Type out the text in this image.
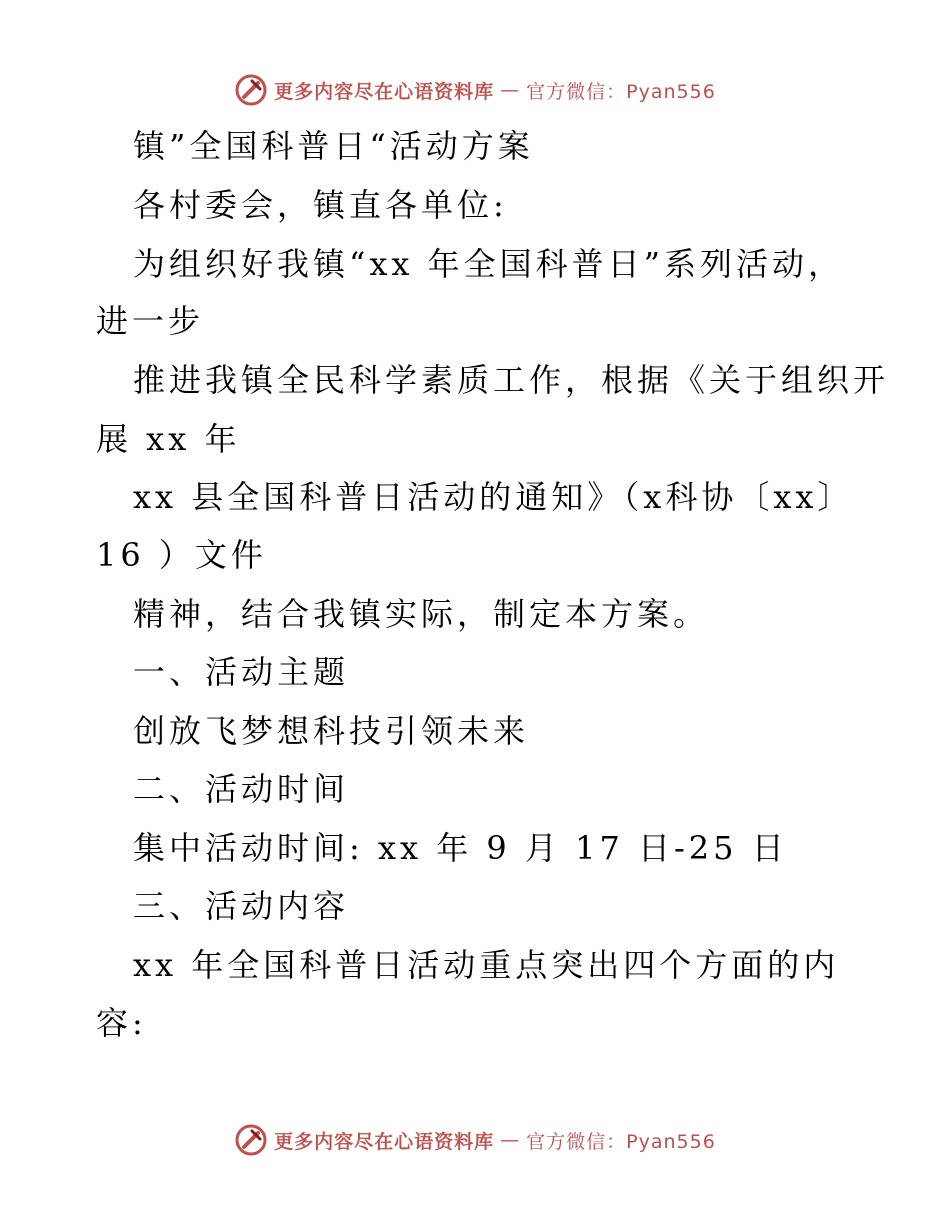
更多内容尽在心语资料库 — 官方微信：Pyan556
镇”全国科普日“活动方案
各村委会，镇直各单位:
为组织好我镇“xx 年全国科普日”系列活动，
进一步
推进我镇全民科学素质工作，根据《关于组织开
展 xx 年
xx 县全国科普日活动的通知》（x科协〔xx〕
16 ）文件
精神，结合我镇实际，制定本方案。
一、活动主题
创放飞梦想科技引领未来
二、活动时间
集中活动时间: xx 年 9 月 17 日-25 日
三、活动内容
xx 年全国科普日活动重点突出四个方面的内
容:
更多内容尽在心语资料库 — 官方微信：Pyan556
